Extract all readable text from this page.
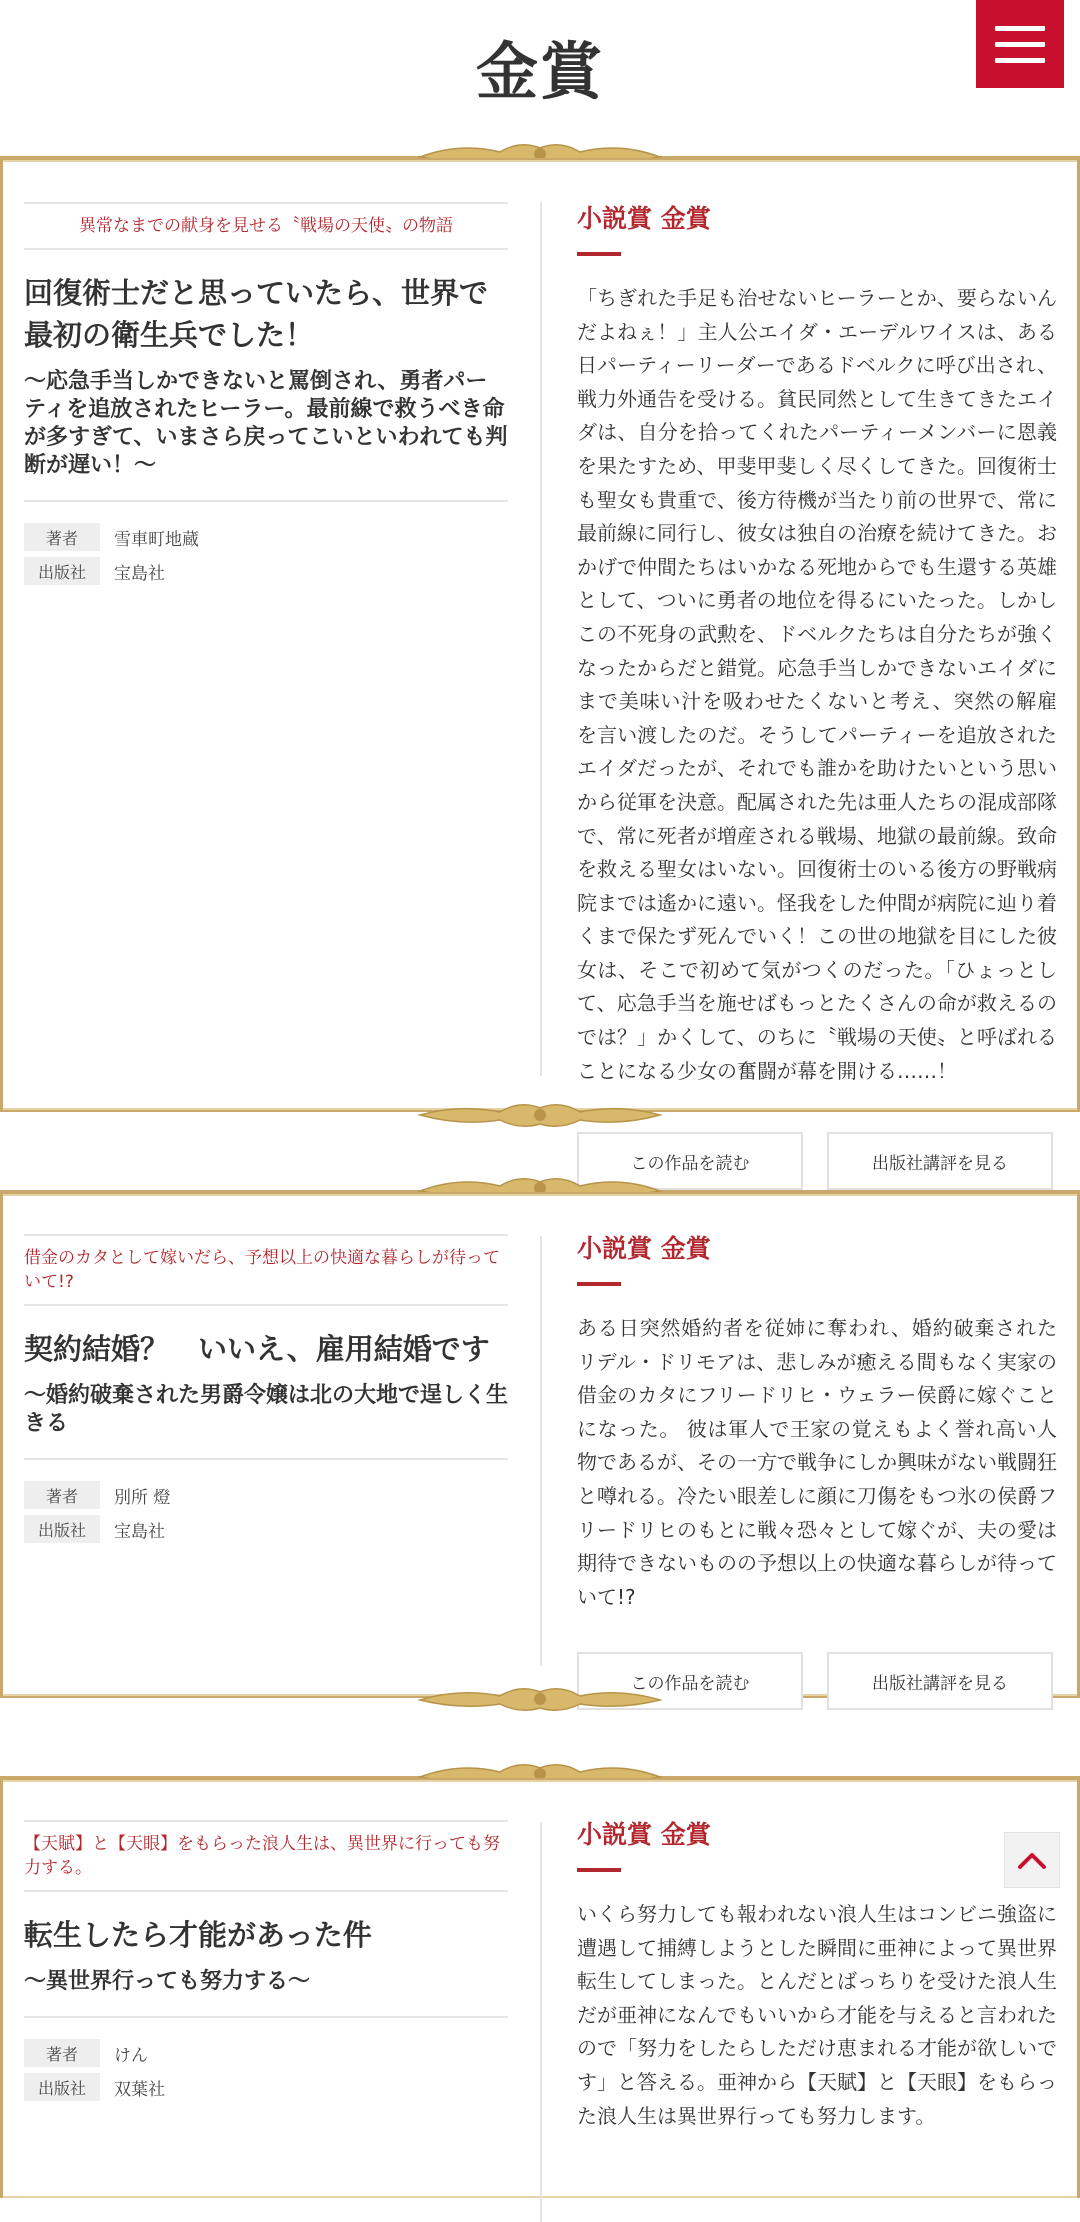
金賞
異常なまでの献身を見せる〝戦場の天使〟の物語
回復術士だと思っていたら、世界で最初の衛生兵でした！
〜応急手当しかできないと罵倒され、勇者パーティを追放されたヒーラー。最前線で救うべき命が多すぎて、いまさら戻ってこいといわれても判断が遅い！〜
著者	雪車町地蔵
出版社	宝島社
小説賞 金賞

「ちぎれた手足も治せないヒーラーとか、要らないんだよねぇ！」主人公エイダ・エーデルワイスは、ある日パーティーリーダーであるドベルクに呼び出され、戦力外通告を受ける。貧民同然として生きてきたエイダは、自分を拾ってくれたパーティーメンバーに恩義を果たすため、甲斐甲斐しく尽くしてきた。回復術士も聖女も貴重で、後方待機が当たり前の世界で、常に最前線に同行し、彼女は独自の治療を続けてきた。おかげで仲間たちはいかなる死地からでも生還する英雄として、ついに勇者の地位を得るにいたった。しかしこの不死身の武勲を、ドベルクたちは自分たちが強くなったからだと錯覚。応急手当しかできないエイダにまで美味い汁を吸わせたくないと考え、突然の解雇を言い渡したのだ。そうしてパーティーを追放されたエイダだったが、それでも誰かを助けたいという思いから従軍を決意。配属された先は亜人たちの混成部隊で、常に死者が増産される戦場、地獄の最前線。致命を救える聖女はいない。回復術士のいる後方の野戦病院までは遙かに遠い。怪我をした仲間が病院に辿り着くまで保たず死んでいく！この世の地獄を目にした彼女は、そこで初めて気がつくのだった。「ひょっとして、応急手当を施せばもっとたくさんの命が救えるのでは？」かくして、のちに〝戦場の天使〟と呼ばれることになる少女の奮闘が幕を開ける……！

この作品を読む	出版社講評を見る
借金のカタとして嫁いだら、予想以上の快適な暮らしが待っていて!?
契約結婚？　いいえ、雇用結婚です
〜婚約破棄された男爵令嬢は北の大地で逞しく生きる
著者	別所 燈
出版社	宝島社
小説賞 金賞

ある日突然婚約者を従姉に奪われ、婚約破棄されたリデル・ドリモアは、悲しみが癒える間もなく実家の借金のカタにフリードリヒ・ウェラー侯爵に嫁ぐことになった。 彼は軍人で王家の覚えもよく誉れ高い人物であるが、その一方で戦争にしか興味がない戦闘狂と噂れる。冷たい眼差しに顔に刀傷をもつ氷の侯爵フリードリヒのもとに戦々恐々として嫁ぐが、夫の愛は期待できないものの予想以上の快適な暮らしが待っていて!?

この作品を読む	出版社講評を見る
【天賦】と【天眼】をもらった浪人生は、異世界に行っても努力する。
転生したら才能があった件
〜異世界行っても努力する〜
著者	けん
出版社	双葉社
小説賞 金賞

いくら努力しても報われない浪人生はコンビニ強盗に遭遇して捕縛しようとした瞬間に亜神によって異世界転生してしまった。とんだとばっちりを受けた浪人生だが亜神になんでもいいから才能を与えると言われたので「努力をしたらしただけ恵まれる才能が欲しいです」と答える。亜神から【天賦】と【天眼】をもらった浪人生は異世界行っても努力します。
